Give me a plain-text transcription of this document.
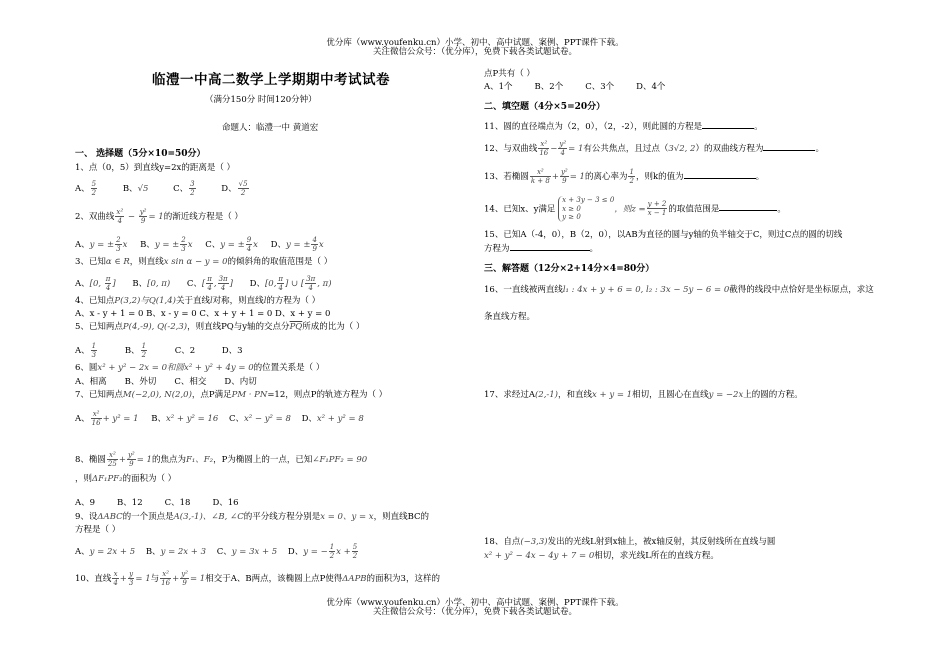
优分库（www.youfenku.cn）小学、初中、高中试题、案例、PPT课件下载。
关注微信公众号：（优分库），免费下载各类试题试卷。
临澧一中高二数学上学期期中考试试卷
（满分150分 时间120分钟）
命题人：临澧一中 黄道宏
一、 选择题（5分×10=50分）
1、点（0，5）到直线y=2x的距离是（ ）
A、 $\frac{5}{2}$	B、√5	C、 $\frac{3}{2}$	D、 $\frac{√5}{2}$
2、双曲线 $\frac{\text{x²}}{4} - \frac{\text{y²}}{9} = 1$的渐近线方程是（ ）
A、y = ± $\frac{2}{3}$ x B、y = ± $\frac{2}{3}$ x C、y = ± $\frac{9}{4}$ x D、y = ± $\frac{4}{9}$ x
3、已知α ∈ R，则直线x sin α − y = 0的倾斜角的取值范围是（ ）
A、[0, $\frac{\pi}{4}$ ] B、[0, π) C、[ $\frac{\pi}{4}$ , $\frac{3\pi}{4}$ ] D、[0, $\frac{\pi}{4}$ ] ∪ [ $\frac{3\pi}{4}$ , π)
4、已知点P(3,2)与Q(1,4)关于直线l对称，则直线l的方程为（ ）
A、x - y + 1 = 0 B、x - y = 0 C、x + y + 1 = 0 D、x + y = 0
5、已知两点P(4,-9), Q(-2,3)，则直线PQ与y轴的交点分$\overline{PQ}$所成的比为（ ）
A、 $\frac{1}{3}$	B、 $\frac{1}{2}$	C、2	D、3
6、圆x² + y² − 2x = 0和圆x² + y² + 4y = 0的位置关系是（ ）
A、相离 B、外切 C、相交 D、内切
7、已知两点M(−2,0), N(2,0)，点P满足PM · PN=12，则点P的轨迹方程为（ ）
A、 $\frac{\text{x²}}{16} + y^2 = 1$ B、x² + y² = 16 C、x² − y² = 8 D、x² + y² = 8
8、椭圆 $\frac{\text{x²}}{25} + \frac{\text{y²}}{9} = 1$的焦点为F₁、F₂，P为椭圆上的一点，已知∠F₁PF₂ = 90
，则ΔF₁PF₂的面积为（ ）
A、9	B、12	C、18	D、16
9、设ΔABC的一个顶点是A(3,-1)、∠B, ∠C的平分线方程分别是x = 0、y = x，则直线BC的
方程是（ ）
A、y = 2x + 5 B、y = 2x + 3 C、y = 3x + 5 D、y = − $\frac{1}{2}$ $x + \frac{5}{2}$
10、直线 $\frac{x}{4} + \frac{y}{3} = 1$与 $\frac{\text{x²}}{16} + \frac{\text{y²}}{9} = 1$相交于A、B两点，该椭圆上点P使得ΔAPB的面积为3，这样的
点P共有（ ）
A、1个	B、2个	C、3个	D、4个
二、填空题（4分×5=20分）
11、圆的直径端点为（2，0），（2，-2），则此圆的方程是	。
12、与双曲线 $\frac{\text{x²}}{16} - \frac{\text{y²}}{4} = 1$有公共焦点，且过点（3√2, 2）的双曲线方程为	。
13、若椭圆 $\frac{\text{x²}}{k + 8} + \frac{\text{y²}}{9} = 1$的离心率为 $\frac{1}{2}$ ，则k的值为	。
14、已知x、y满足
x + 3y − 3 ≤ 0
x ≥ 0
y ≥ 0
，则$z = \frac{y + 2}{x - 1}$ 的取值范围是	。
15、已知A（-4，0），B（2，0），以AB为直径的圆与y轴的负半轴交于C，则过C点的圆的切线
方程为	。
三、解答题（12分×2+14分×4=80分）
16、一直线被两直线l₁ : 4x + y + 6 = 0, l₂ : 3x − 5y − 6 = 0截得的线段中点恰好是坐标原点，求这
条直线方程。
17、求经过A(2,-1)，和直线x + y = 1相切，且圆心在直线y = −2x上的圆的方程。
18、自点(−3,3)发出的光线L射到x轴上，被x轴反射，其反射线所在直线与圆
x² + y² − 4x − 4y + 7 = 0相切，求光线L所在的直线方程。
优分库（www.youfenku.cn）小学、初中、高中试题、案例、PPT课件下载。
关注微信公众号：（优分库），免费下载各类试题试卷。
